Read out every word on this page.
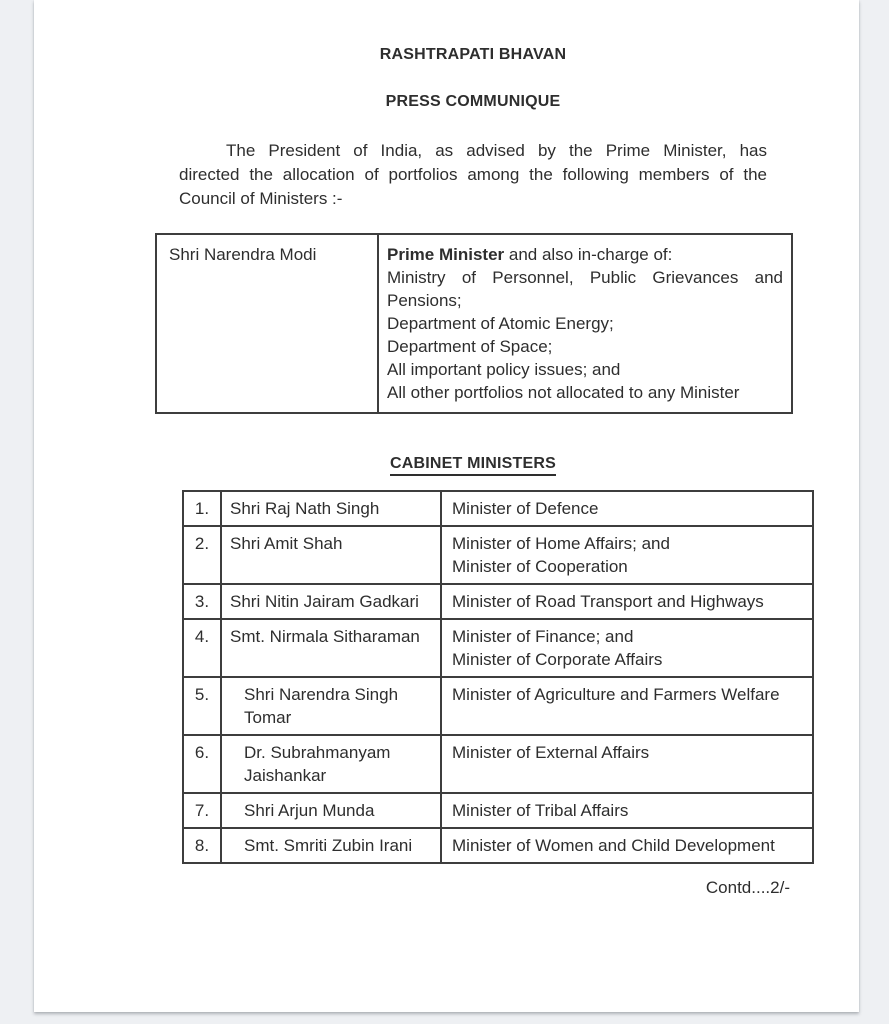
RASHTRAPATI BHAVAN
PRESS COMMUNIQUE
The President of India, as advised by the Prime Minister, has
directed the allocation of portfolios among the following members of the
Council of Ministers :-
Shri Narendra Modi	Prime Minister and also in-charge of:
Ministry of Personnel, Public Grievances and
Pensions;
Department of Atomic Energy;
Department of Space;
All important policy issues; and
All other portfolios not allocated to any Minister
CABINET MINISTERS
1.	Shri Raj Nath Singh	Minister of Defence

2.	Shri Amit Shah	Minister of Home Affairs; and
Minister of Cooperation

3.	Shri Nitin Jairam Gadkari	Minister of Road Transport and Highways

4.	Smt. Nirmala Sitharaman	Minister of Finance; and
Minister of Corporate Affairs

5.	Shri Narendra Singh
Tomar	Minister of Agriculture and Farmers Welfare

6.	Dr. Subrahmanyam
Jaishankar	Minister of External Affairs

7.	Shri Arjun Munda	Minister of Tribal Affairs

8.	Smt. Smriti Zubin Irani	Minister of Women and Child Development
Contd....2/-
